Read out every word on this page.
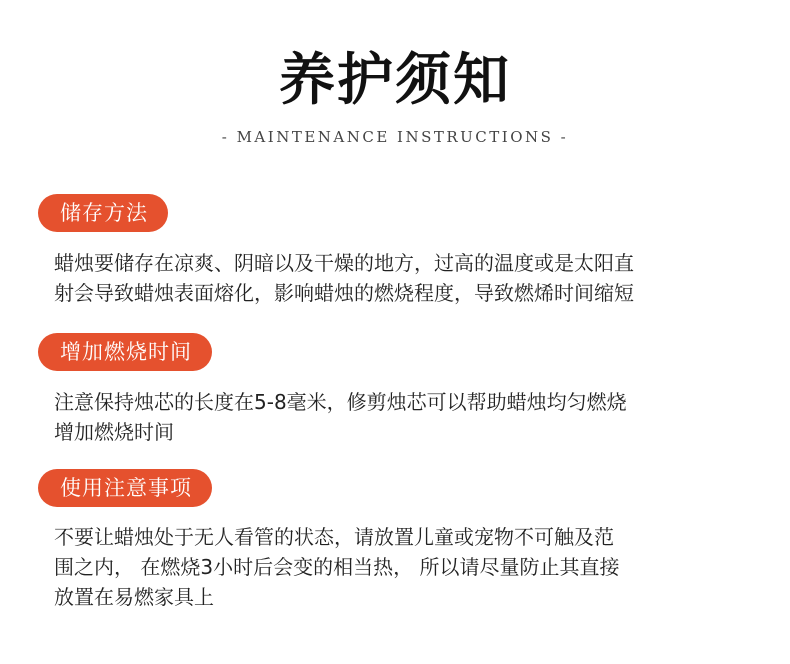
养护须知
- MAINTENANCE INSTRUCTIONS -
储存方法
蜡烛要储存在凉爽、阴暗以及干燥的地方，过高的温度或是太阳直
射会导致蜡烛表面熔化，影响蜡烛的燃烧程度，导致燃烯时间缩短
增加燃烧时间
注意保持烛芯的长度在5-8毫米，修剪烛芯可以帮助蜡烛均匀燃烧
增加燃烧时间
使用注意事项
不要让蜡烛处于无人看管的状态，请放置儿童或宠物不可触及范
围之内， 在燃烧3小时后会变的相当热， 所以请尽量防止其直接
放置在易燃家具上
